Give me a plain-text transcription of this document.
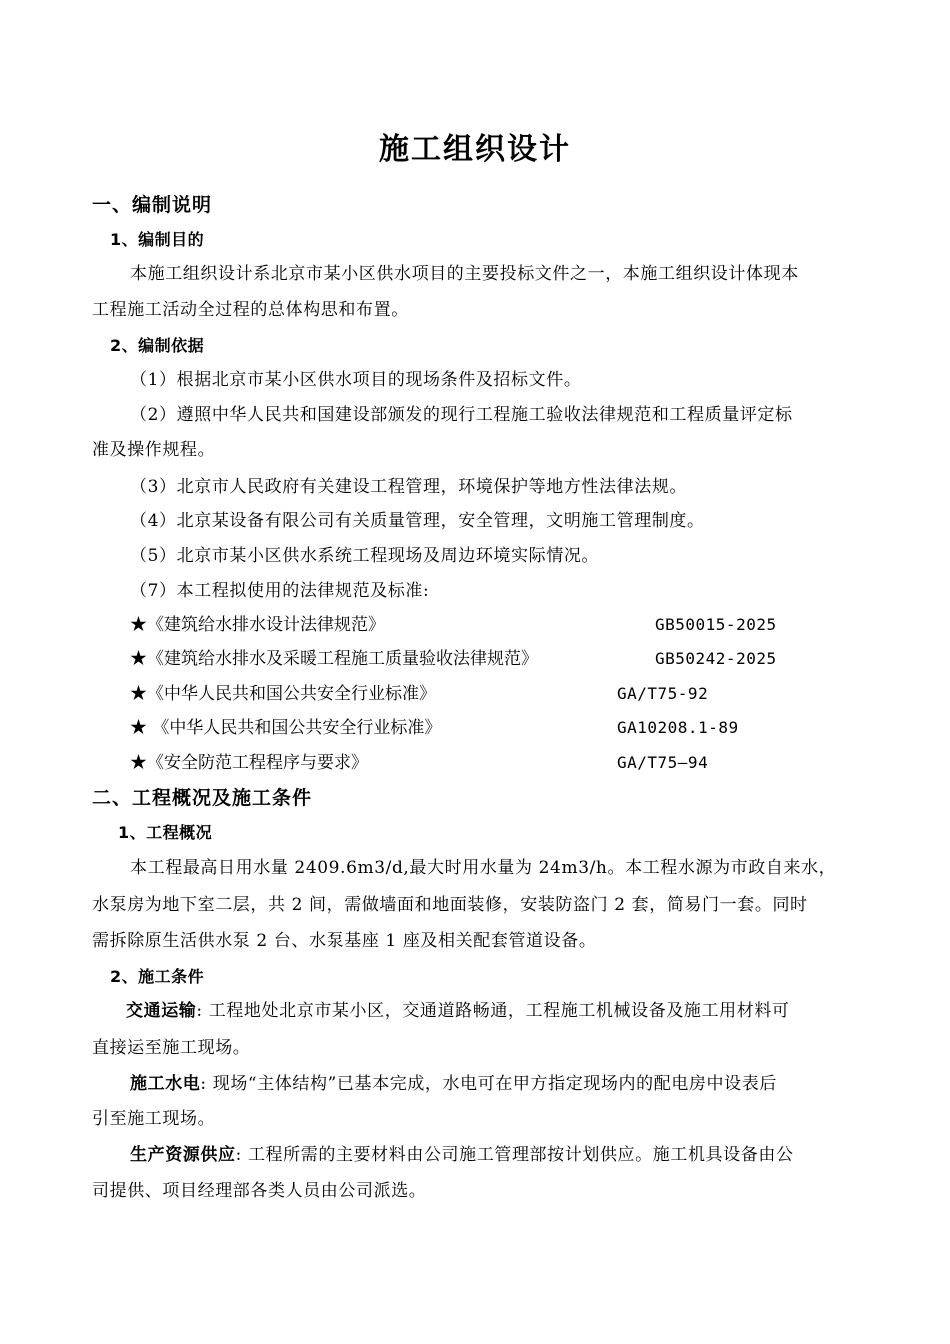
施工组织设计
一、编制说明
1、编制目的
本施工组织设计系北京市某小区供水项目的主要投标文件之一，本施工组织设计体现本
工程施工活动全过程的总体构思和布置。
2、编制依据
（1）根据北京市某小区供水项目的现场条件及招标文件。
（2）遵照中华人民共和国建设部颁发的现行工程施工验收法律规范和工程质量评定标
准及操作规程。
（3）北京市人民政府有关建设工程管理，环境保护等地方性法律法规。
（4）北京某设备有限公司有关质量管理，安全管理，文明施工管理制度。
（5）北京市某小区供水系统工程现场及周边环境实际情况。
（7）本工程拟使用的法律规范及标准:
★《建筑给水排水设计法律规范》	GB50015-2025
★《建筑给水排水及采暖工程施工质量验收法律规范》	GB50242-2025
★《中华人民共和国公共安全行业标准》	GA/T75-92
★ 《中华人民共和国公共安全行业标准》	GA10208.1-89
★《安全防范工程程序与要求》	GA/T75—94
二、工程概况及施工条件
1、工程概况
本工程最高日用水量 2409.6m3/d,最大时用水量为 24m3/h。本工程水源为市政自来水，
水泵房为地下室二层，共 2 间，需做墙面和地面装修，安装防盗门 2 套，简易门一套。同时
需拆除原生活供水泵 2 台、水泵基座 1 座及相关配套管道设备。
2、施工条件
交通运输: 工程地处北京市某小区，交通道路畅通，工程施工机械设备及施工用材料可
直接运至施工现场。
施工水电: 现场“主体结构”已基本完成，水电可在甲方指定现场内的配电房中设表后
引至施工现场。
生产资源供应: 工程所需的主要材料由公司施工管理部按计划供应。施工机具设备由公
司提供、项目经理部各类人员由公司派选。
